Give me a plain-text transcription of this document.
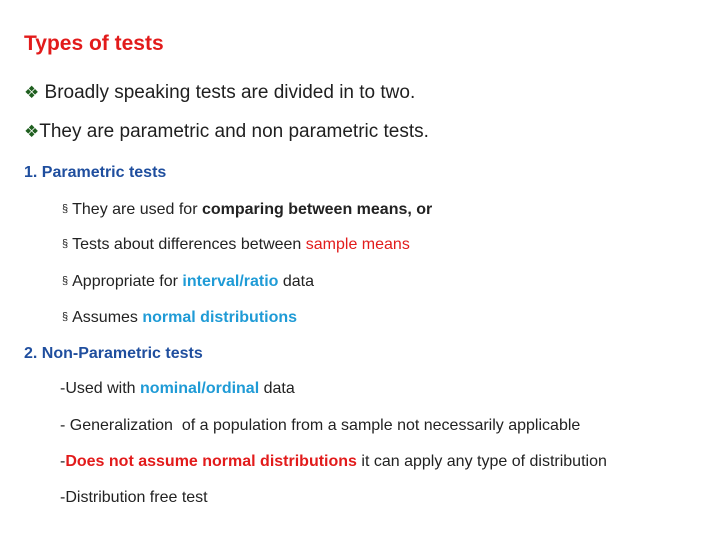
Types of tests
❖ Broadly speaking tests are divided in to two.
❖They are parametric and non parametric tests.
1. Parametric tests
§ They are used for comparing between means, or
§ Tests about differences between sample means
§ Appropriate for interval/ratio data
§ Assumes normal distributions
2. Non-Parametric tests
-Used with nominal/ordinal data
- Generalization  of a population from a sample not necessarily applicable
-Does not assume normal distributions it can apply any type of distribution
-Distribution free test
